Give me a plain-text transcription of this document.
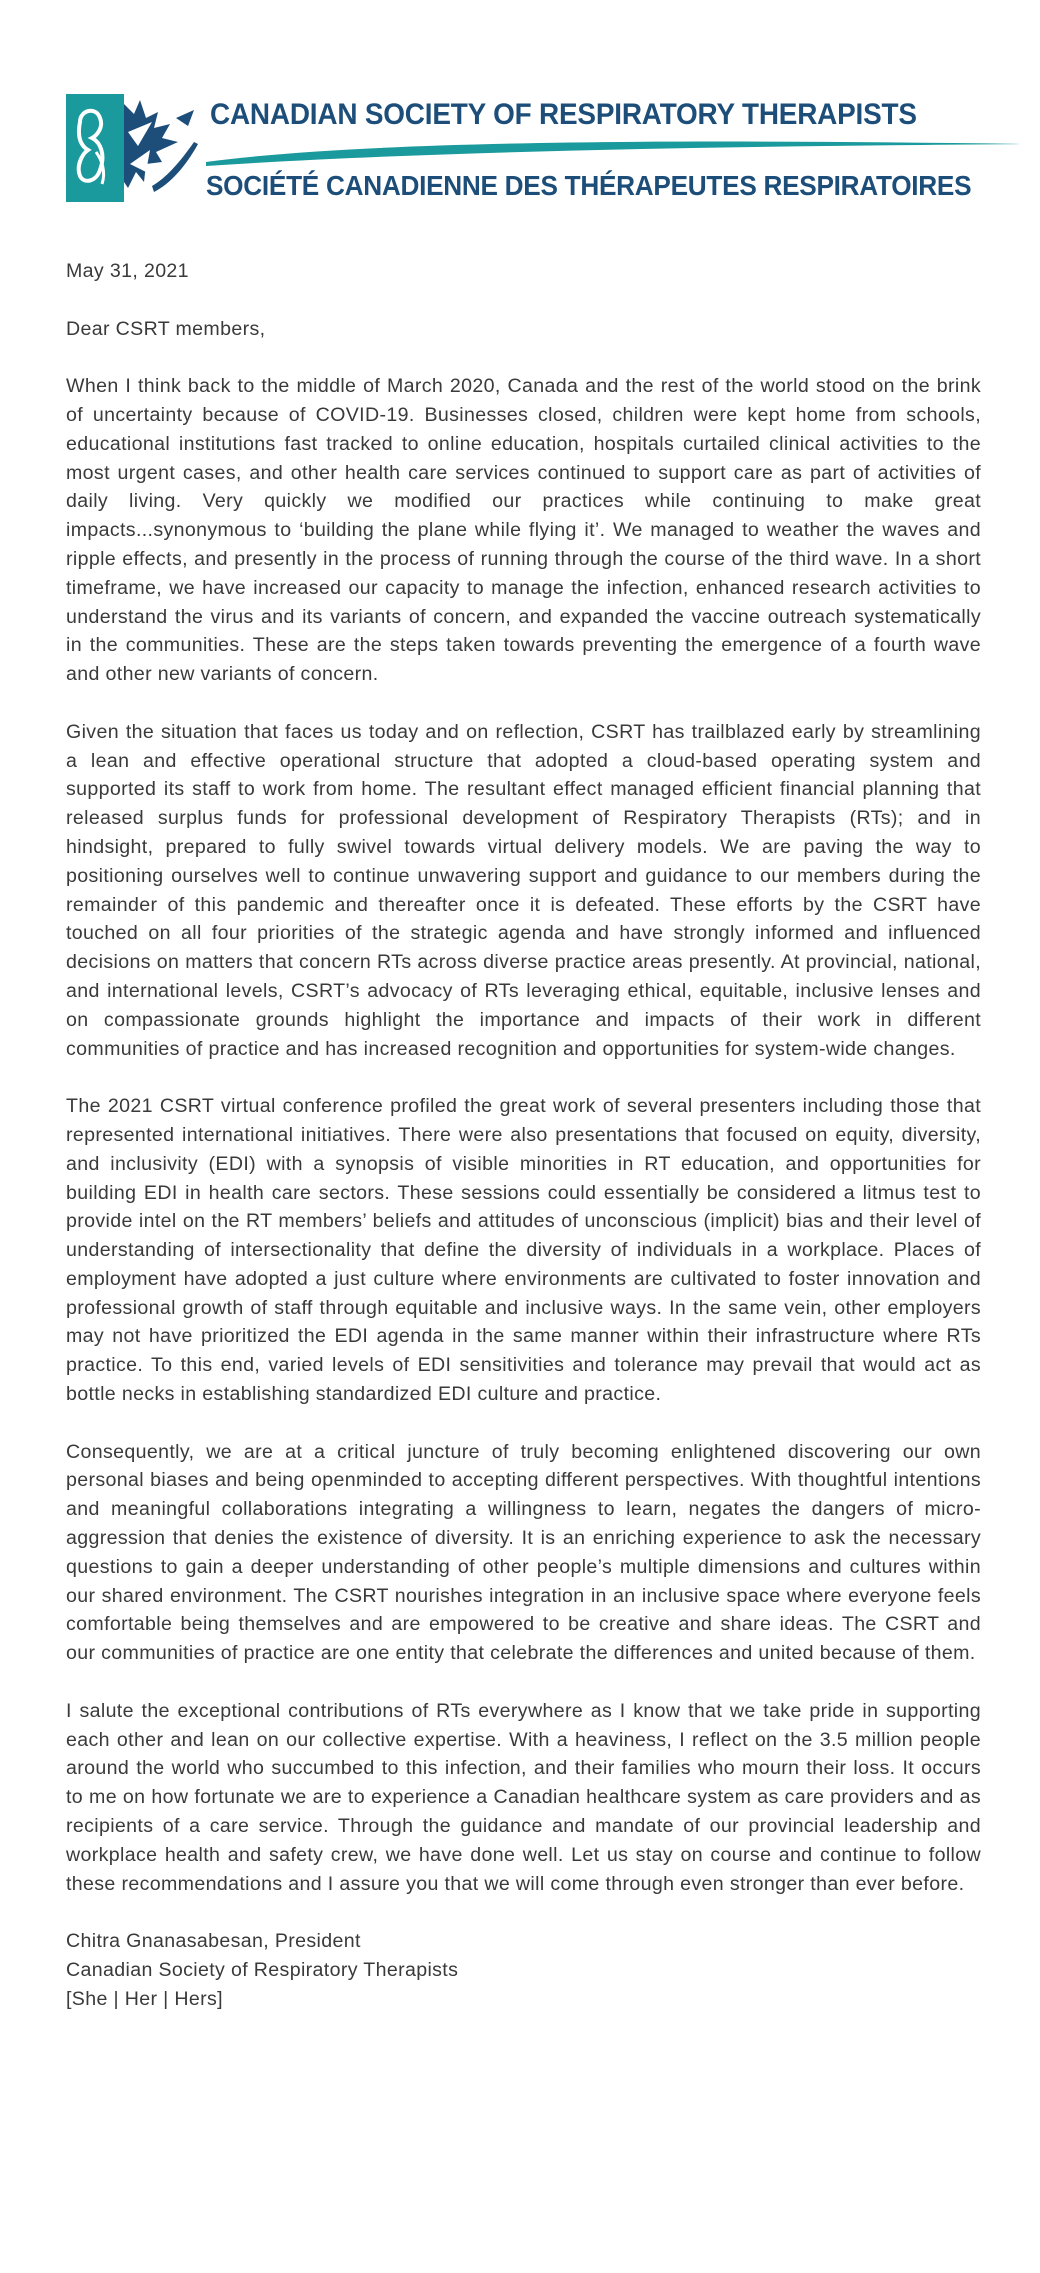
CANADIAN SOCIETY OF RESPIRATORY THERAPISTS
SOCIÉTÉ CANADIENNE DES THÉRAPEUTES RESPIRATOIRES

May 31, 2021

Dear CSRT members,

When I think back to the middle of March 2020, Canada and the rest of the world stood on the brink of uncertainty because of COVID-19. Businesses closed, children were kept home from schools, educational institutions fast tracked to online education, hospitals curtailed clinical activities to the most urgent cases, and other health care services continued to support care as part of activities of daily living. Very quickly we modified our practices while continuing to make great impacts...synonymous to ‘building the plane while flying it’. We managed to weather the waves and ripple effects, and presently in the process of running through the course of the third wave. In a short timeframe, we have increased our capacity to manage the infection, enhanced research activities to understand the virus and its variants of concern, and expanded the vaccine outreach systematically in the communities. These are the steps taken towards preventing the emergence of a fourth wave and other new variants of concern.

Given the situation that faces us today and on reflection, CSRT has trailblazed early by streamlining a lean and effective operational structure that adopted a cloud-based operating system and supported its staff to work from home. The resultant effect managed efficient financial planning that released surplus funds for professional development of Respiratory Therapists (RTs); and in hindsight, prepared to fully swivel towards virtual delivery models. We are paving the way to positioning ourselves well to continue unwavering support and guidance to our members during the remainder of this pandemic and thereafter once it is defeated. These efforts by the CSRT have touched on all four priorities of the strategic agenda and have strongly informed and influenced decisions on matters that concern RTs across diverse practice areas presently. At provincial, national, and international levels, CSRT’s advocacy of RTs leveraging ethical, equitable, inclusive lenses and on compassionate grounds highlight the importance and impacts of their work in different communities of practice and has increased recognition and opportunities for system-wide changes.

The 2021 CSRT virtual conference profiled the great work of several presenters including those that represented international initiatives. There were also presentations that focused on equity, diversity, and inclusivity (EDI) with a synopsis of visible minorities in RT education, and opportunities for building EDI in health care sectors. These sessions could essentially be considered a litmus test to provide intel on the RT members’ beliefs and attitudes of unconscious (implicit) bias and their level of understanding of intersectionality that define the diversity of individuals in a workplace. Places of employment have adopted a just culture where environments are cultivated to foster innovation and professional growth of staff through equitable and inclusive ways. In the same vein, other employers may not have prioritized the EDI agenda in the same manner within their infrastructure where RTs practice. To this end, varied levels of EDI sensitivities and tolerance may prevail that would act as bottle necks in establishing standardized EDI culture and practice.

Consequently, we are at a critical juncture of truly becoming enlightened discovering our own personal biases and being openminded to accepting different perspectives. With thoughtful intentions and meaningful collaborations integrating a willingness to learn, negates the dangers of micro-aggression that denies the existence of diversity. It is an enriching experience to ask the necessary questions to gain a deeper understanding of other people’s multiple dimensions and cultures within our shared environment. The CSRT nourishes integration in an inclusive space where everyone feels comfortable being themselves and are empowered to be creative and share ideas. The CSRT and our communities of practice are one entity that celebrate the differences and united because of them.

I salute the exceptional contributions of RTs everywhere as I know that we take pride in supporting each other and lean on our collective expertise. With a heaviness, I reflect on the 3.5 million people around the world who succumbed to this infection, and their families who mourn their loss. It occurs to me on how fortunate we are to experience a Canadian healthcare system as care providers and as recipients of a care service. Through the guidance and mandate of our provincial leadership and workplace health and safety crew, we have done well. Let us stay on course and continue to follow these recommendations and I assure you that we will come through even stronger than ever before.

Chitra Gnanasabesan, President

Canadian Society of Respiratory Therapists

[She | Her | Hers]
